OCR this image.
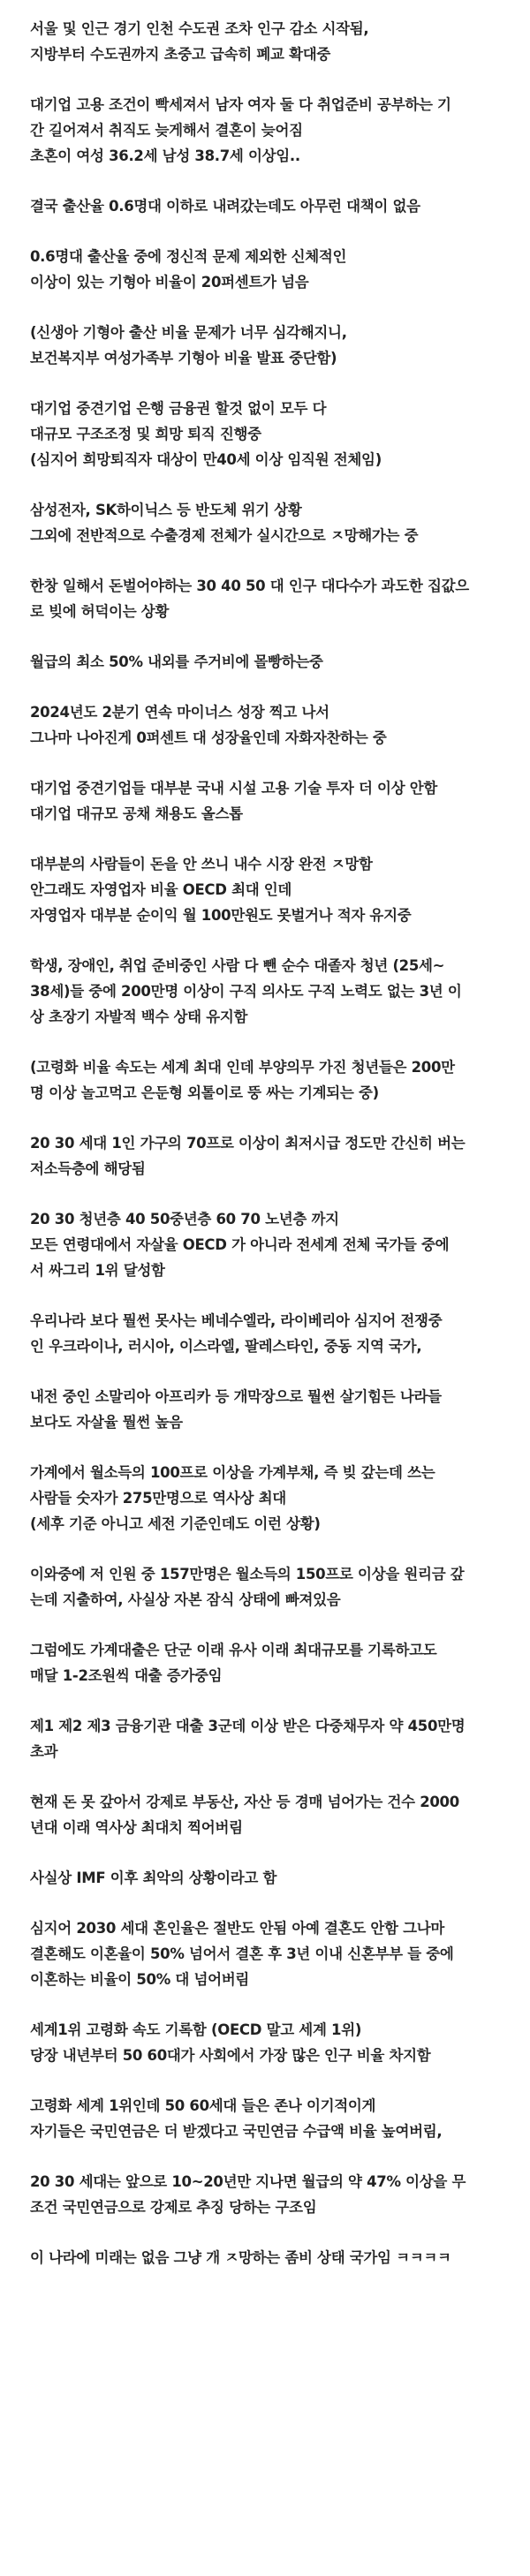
서울 및 인근 경기 인천 수도권 조차 인구 감소 시작됨,
지방부터 수도권까지 초중고 급속히 폐교 확대중

대기업 고용 조건이 빡세져서 남자 여자 둘 다 취업준비 공부하는 기
간 길어져서 취직도 늦게해서 결혼이 늦어짐
초혼이 여성 36.2세 남성 38.7세 이상임..

결국 출산율 0.6명대 이하로 내려갔는데도 아무런 대책이 없음

0.6명대 출산율 중에 정신적 문제 제외한 신체적인
이상이 있는 기형아 비율이 20퍼센트가 넘음

(신생아 기형아 출산 비율 문제가 너무 심각해지니,
보건복지부 여성가족부 기형아 비율 발표 중단함)

대기업 중견기업 은행 금융권 할것 없이 모두 다
대규모 구조조정 및 희망 퇴직 진행중
(심지어 희망퇴직자 대상이 만40세 이상 임직원 전체임)

삼성전자, SK하이닉스 등 반도체 위기 상황
그외에 전반적으로 수출경제 전체가 실시간으로 ㅈ망해가는 중

한창 일해서 돈벌어야하는 30 40 50 대 인구 대다수가 과도한 집값으
로 빚에 허덕이는 상황

월급의 최소 50% 내외를 주거비에 몰빵하는중

2024년도 2분기 연속 마이너스 성장 찍고 나서
그나마 나아진게 0퍼센트 대 성장율인데 자화자찬하는 중

대기업 중견기업들 대부분 국내 시설 고용 기술 투자 더 이상 안함
대기업 대규모 공채 채용도 올스톱

대부분의 사람들이 돈을 안 쓰니 내수 시장 완전 ㅈ망함
안그래도 자영업자 비율 OECD 최대 인데
자영업자 대부분 순이익 월 100만원도 못벌거나 적자 유지중

학생, 장애인, 취업 준비중인 사람 다 뺀 순수 대졸자 청년 (25세~
38세)들 중에 200만명 이상이 구직 의사도 구직 노력도 없는 3년 이
상 초장기 자발적 백수 상태 유지함

(고령화 비율 속도는 세계 최대 인데 부양의무 가진 청년들은 200만
명 이상 놀고먹고 은둔형 외톨이로 뚱 싸는 기계되는 중)

20 30 세대 1인 가구의 70프로 이상이 최저시급 정도만 간신히 버는
저소득층에 해당됨

20 30 청년층 40 50중년층 60 70 노년층 까지
모든 연령대에서 자살율 OECD 가 아니라 전세계 전체 국가들 중에
서 싸그리 1위 달성함

우리나라 보다 뭘썬 못사는 베네수엘라, 라이베리아 심지어 전쟁중
인 우크라이나, 러시아, 이스라엘, 팔레스타인, 중동 지역 국가,

내전 중인 소말리아 아프리카 등 개막장으로 뭘썬 살기힘든 나라들
보다도 자살율 뭘썬 높음

가계에서 월소득의 100프로 이상을 가계부채, 즉 빚 갚는데 쓰는
사람들 숫자가 275만명으로 역사상 최대
(세후 기준 아니고 세전 기준인데도 이런 상황)

이와중에 저 인원 중 157만명은 월소득의 150프로 이상을 원리금 갚
는데 지출하여, 사실상 자본 잠식 상태에 빠져있음

그럼에도 가계대출은 단군 이래 유사 이래 최대규모를 기록하고도
매달 1-2조원씩 대출 증가중임

제1 제2 제3 금융기관 대출 3군데 이상 받은 다중채무자 약 450만명
초과

현재 돈 못 갚아서 강제로 부동산, 자산 등 경매 넘어가는 건수 2000
년대 이래 역사상 최대치 찍어버림

사실상 IMF 이후 최악의 상황이라고 함

심지어 2030 세대 혼인율은 절반도 안됨 아예 결혼도 안함 그나마
결혼해도 이혼율이 50% 넘어서 결혼 후 3년 이내 신혼부부 들 중에
이혼하는 비율이 50% 대 넘어버림

세계1위 고령화 속도 기록함 (OECD 말고 세계 1위)
당장 내년부터 50 60대가 사회에서 가장 많은 인구 비율 차지함

고령화 세계 1위인데 50 60세대 들은 존나 이기적이게
자기들은 국민연금은 더 받겠다고 국민연금 수급액 비율 높여버림,

20 30 세대는 앞으로 10~20년만 지나면 월급의 약 47% 이상을 무
조건 국민연금으로 강제로 추징 당하는 구조임

이 나라에 미래는 없음 그냥 개 ㅈ망하는 좀비 상태 국가임 ㅋㅋㅋㅋ
